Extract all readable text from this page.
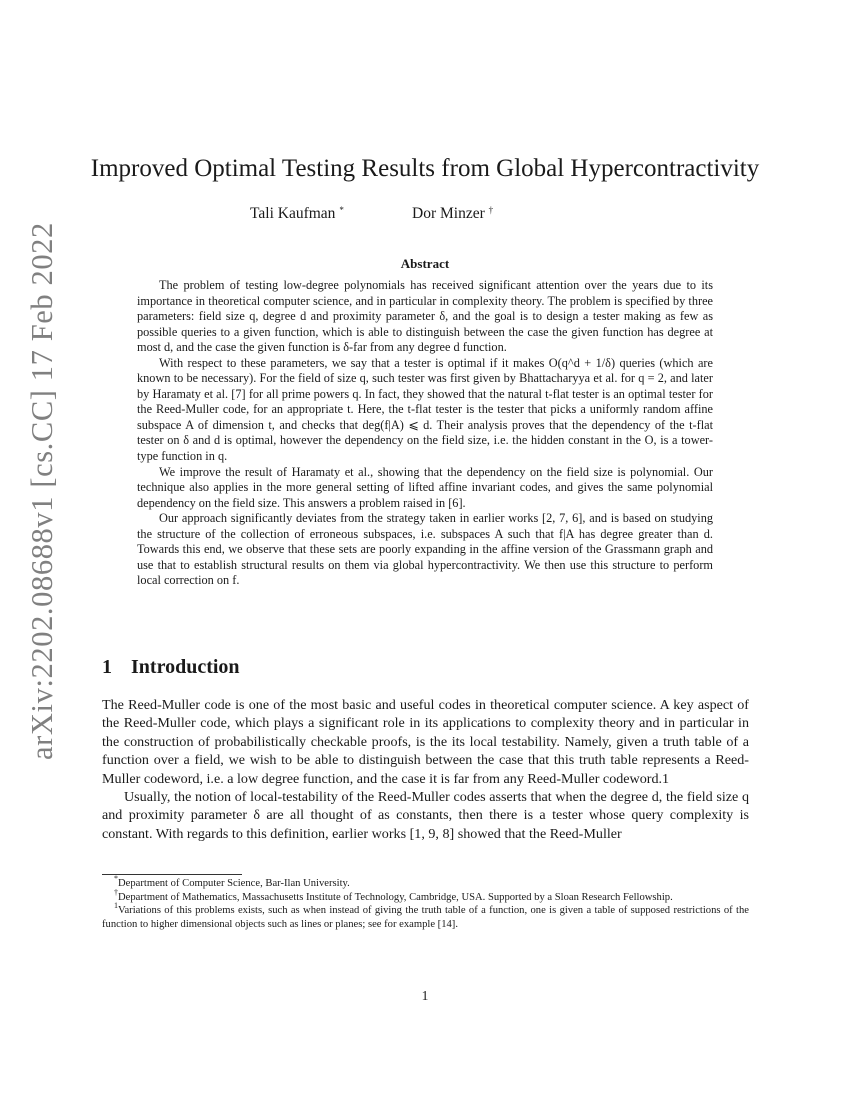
arXiv:2202.08688v1 [cs.CC] 17 Feb 2022
Improved Optimal Testing Results from Global Hypercontractivity
Tali Kaufman *	Dor Minzer †
Abstract

The problem of testing low-degree polynomials has received significant attention over the years due to its importance in theoretical computer science, and in particular in complexity theory. The problem is specified by three parameters: field size q, degree d and proximity parameter δ, and the goal is to design a tester making as few as possible queries to a given function, which is able to distinguish between the case the given function has degree at most d, and the case the given function is δ-far from any degree d function.

With respect to these parameters, we say that a tester is optimal if it makes O(q^d + 1/δ) queries (which are known to be necessary). For the field of size q, such tester was first given by Bhattacharyya et al. for q = 2, and later by Haramaty et al. [7] for all prime powers q. In fact, they showed that the natural t-flat tester is an optimal tester for the Reed-Muller code, for an appropriate t. Here, the t-flat tester is the tester that picks a uniformly random affine subspace A of dimension t, and checks that deg(f|A) ⩽ d. Their analysis proves that the dependency of the t-flat tester on δ and d is optimal, however the dependency on the field size, i.e. the hidden constant in the O, is a tower-type function in q.

We improve the result of Haramaty et al., showing that the dependency on the field size is polynomial. Our technique also applies in the more general setting of lifted affine invariant codes, and gives the same polynomial dependency on the field size. This answers a problem raised in [6].

Our approach significantly deviates from the strategy taken in earlier works [2, 7, 6], and is based on studying the structure of the collection of erroneous subspaces, i.e. subspaces A such that f|A has degree greater than d. Towards this end, we observe that these sets are poorly expanding in the affine version of the Grassmann graph and use that to establish structural results on them via global hypercontractivity. We then use this structure to perform local correction on f.

1 Introduction

The Reed-Muller code is one of the most basic and useful codes in theoretical computer science. A key aspect of the Reed-Muller code, which plays a significant role in its applications to complexity theory and in particular in the construction of probabilistically checkable proofs, is the its local testability. Namely, given a truth table of a function over a field, we wish to be able to distinguish between the case that this truth table represents a Reed-Muller codeword, i.e. a low degree function, and the case it is far from any Reed-Muller codeword.1

Usually, the notion of local-testability of the Reed-Muller codes asserts that when the degree d, the field size q and proximity parameter δ are all thought of as constants, then there is a tester whose query complexity is constant. With regards to this definition, earlier works [1, 9, 8] showed that the Reed-Muller

*Department of Computer Science, Bar-Ilan University.
†Department of Mathematics, Massachusetts Institute of Technology, Cambridge, USA. Supported by a Sloan Research Fellowship.
$^1$Variations of this problems exists, such as when instead of giving the truth table of a function, one is given a table of supposed restrictions of the function to higher dimensional objects such as lines or planes; see for example [14].
1
